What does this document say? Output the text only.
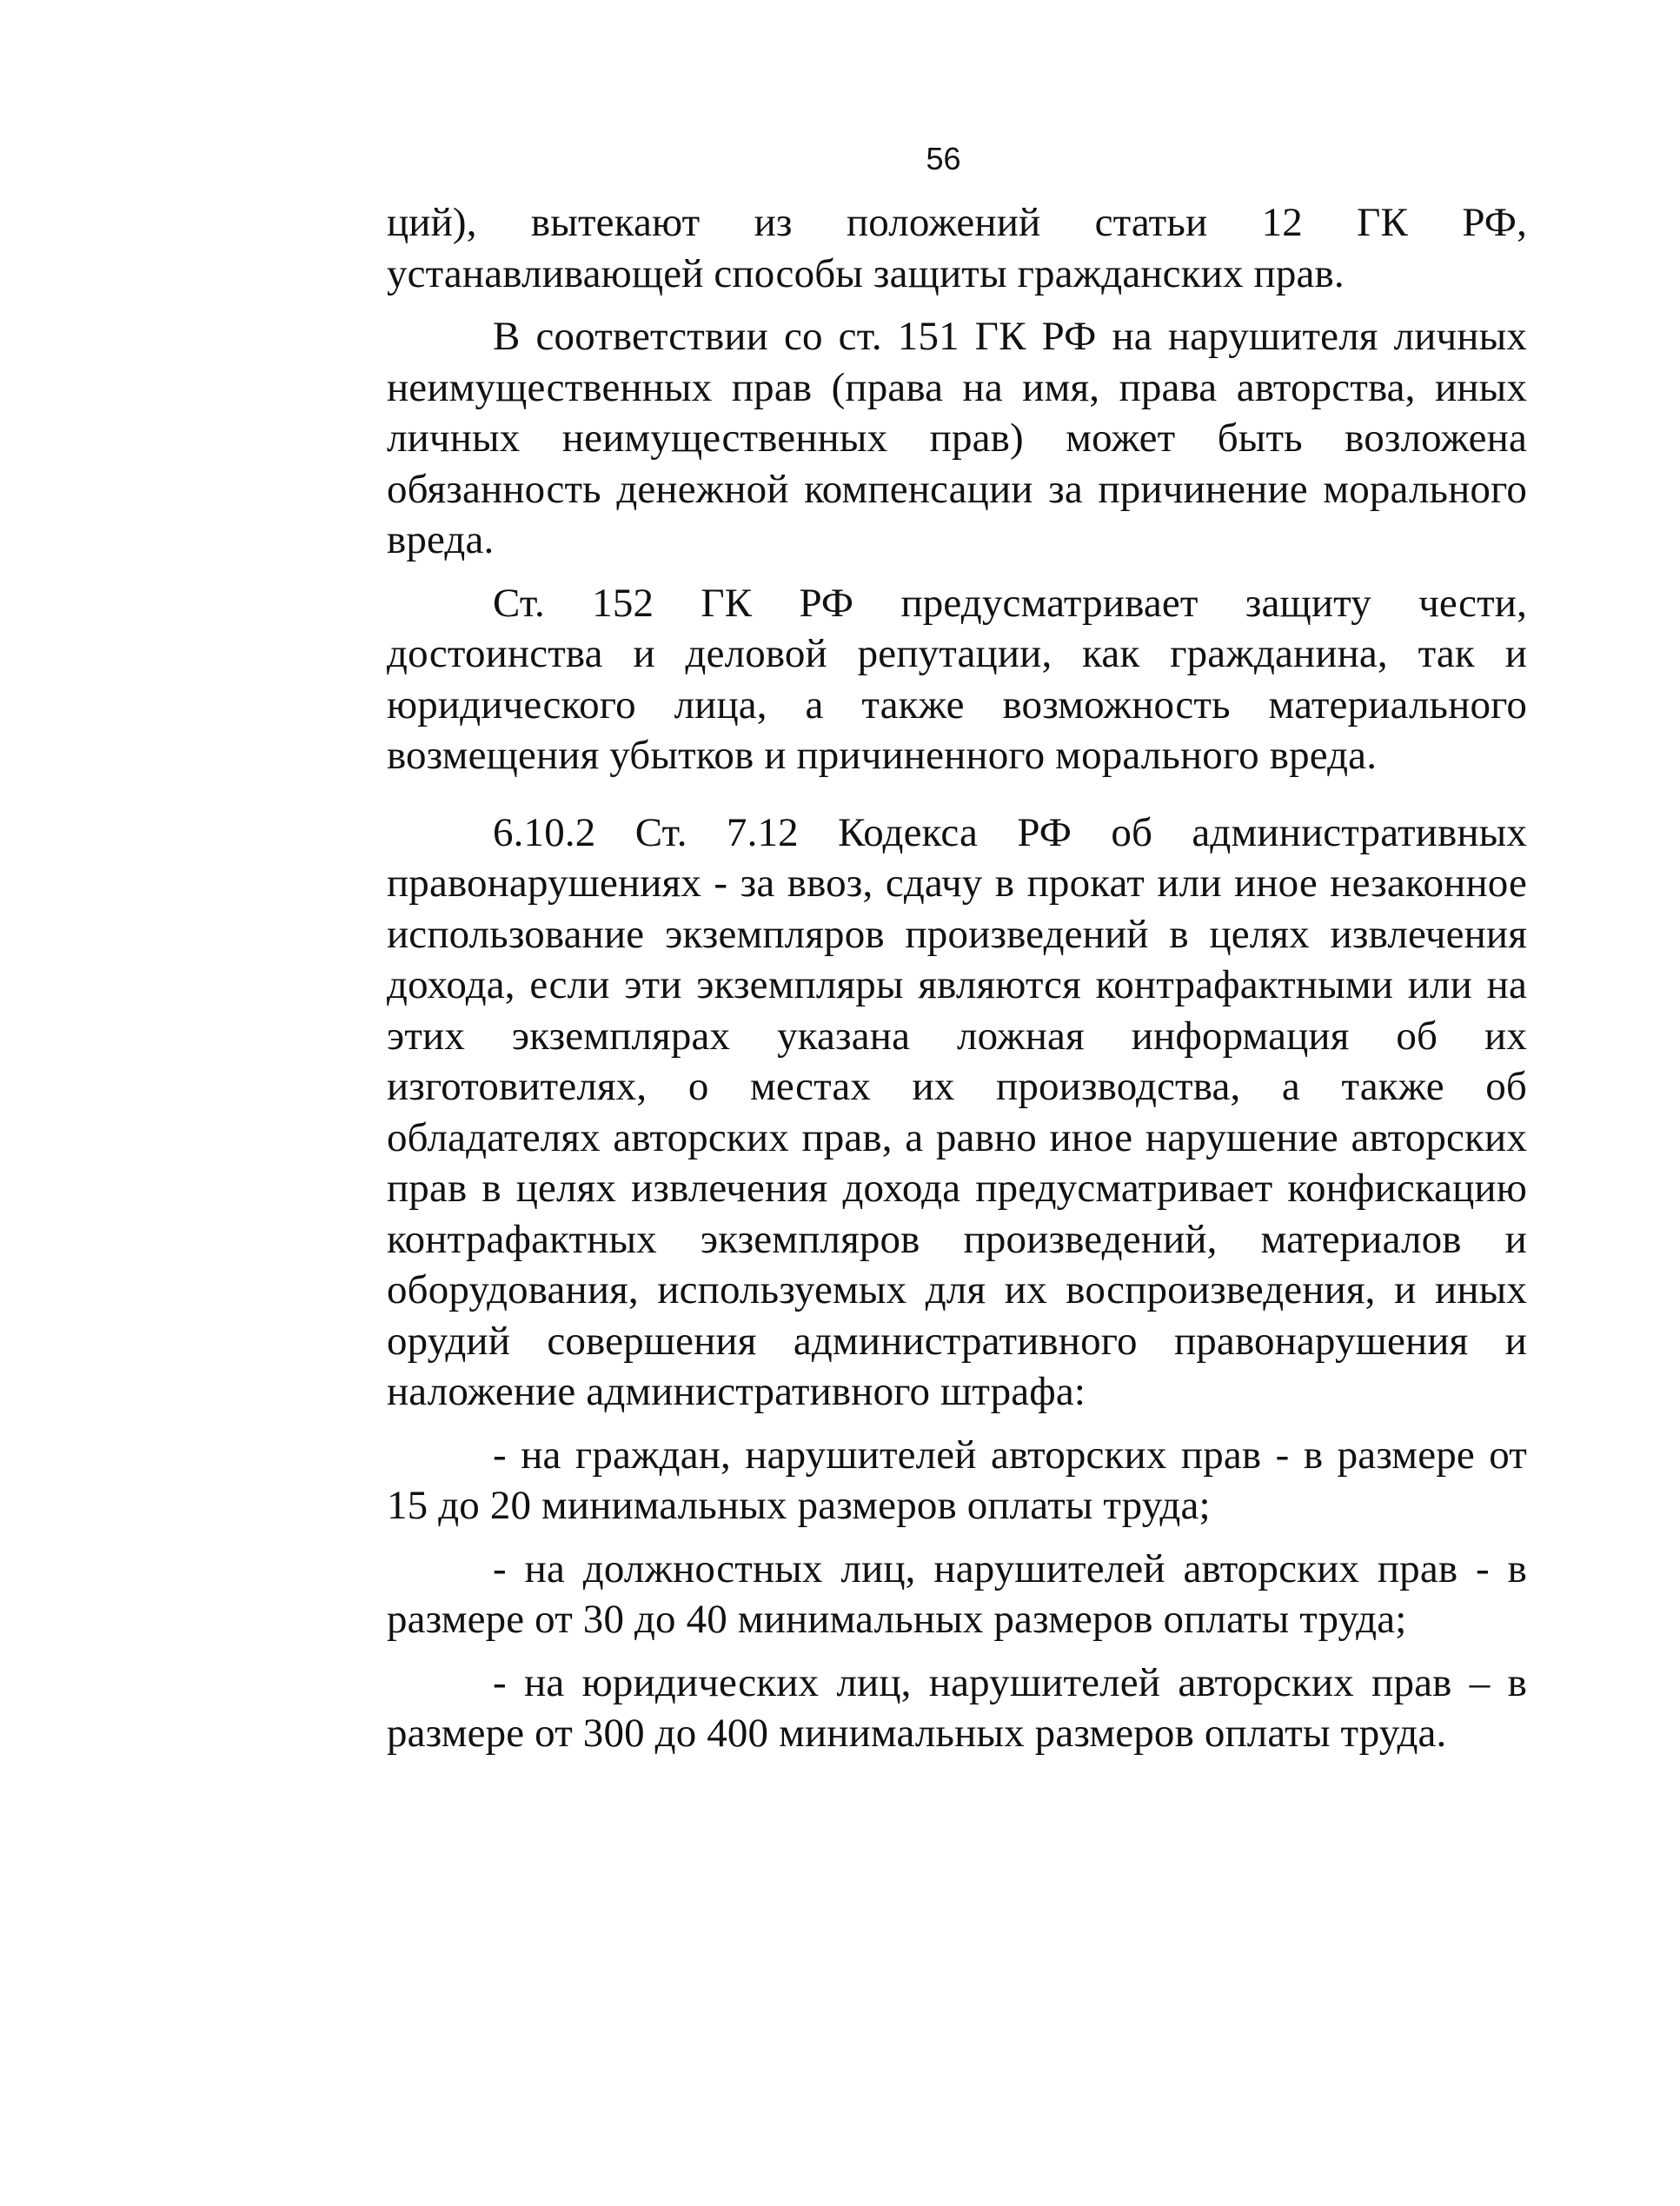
56

ций), вытекают из положений статьи 12 ГК РФ, устанавливающей способы защиты гражданских прав.

В соответствии со ст. 151 ГК РФ на нарушителя личных неимущественных прав (права на имя, права авторства, иных личных неимущественных прав) может быть возложена обязанность денежной компенсации за причинение морального вреда.

Ст. 152 ГК РФ предусматривает защиту чести, достоинства и деловой репутации, как гражданина, так и юридического лица, а также возможность материального возмещения убытков и причиненного морального вреда.

6.10.2 Ст. 7.12 Кодекса РФ об административных правонарушениях - за ввоз, сдачу в прокат или иное незаконное использование экземпляров произведений в целях извлечения дохода, если эти экземпляры являются контрафактными или на этих экземплярах указана ложная информация об их изготовителях, о местах их производства, а также об обладателях авторских прав, а равно иное нарушение авторских прав в целях извлечения дохода предусматривает конфискацию контрафактных экземпляров произведений, материалов и оборудования, используемых для их воспроизведения, и иных орудий совершения административного правонарушения и наложение административного штрафа:

- на граждан, нарушителей авторских прав - в размере от 15 до 20 минимальных размеров оплаты труда;

- на должностных лиц, нарушителей авторских прав - в размере от 30 до 40 минимальных размеров оплаты труда;

- на юридических лиц, нарушителей авторских прав – в размере от 300 до 400 минимальных размеров оплаты труда.
